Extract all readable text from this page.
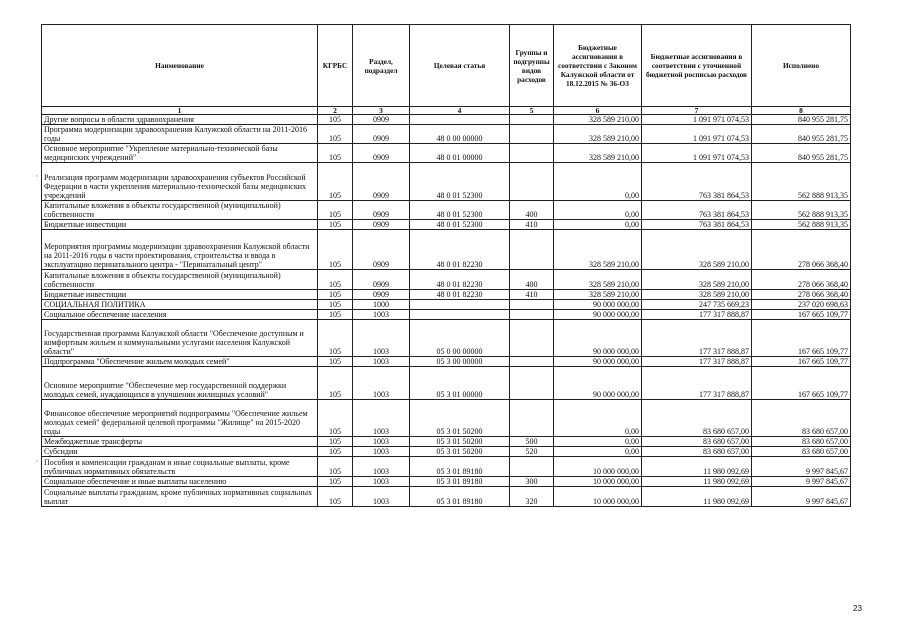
Наименование	КГРБС	Раздел, подраздел	Целевая статья	Группы и подгруппы видов расходов	Бюджетные ассигнования в соответствии с Законом Калужской области от 18.12.2015 № 36-ОЗ	Бюджетные ассигнования в соответствии с уточненной бюджетной росписью расходов	Исполнено
1	2	3	4	5	6	7	8
Другие вопросы в области здравоохранения	105	0909			328 589 210,00	1 091 971 074,53	840 955 281,75
Программа модернизации здравоохранения Калужской области на 2011-2016 годы	105	0909	48 0 00 00000		328 589 210,00	1 091 971 074,53	840 955 281,75
Основное мероприятие "Укрепление материально-технической базы медицинских учреждений"	105	0909	48 0 01 00000		328 589 210,00	1 091 971 074,53	840 955 281,75
Реализация программ модернизации здравоохранения субъектов Российской Федерации в части укрепления материально-технической базы медицинских учреждений	105	0909	48 0 01 52300		0,00	763 381 864,53	562 888 913,35
Капитальные вложения в объекты государственной (муниципальной) собственности	105	0909	48 0 01 52300	400	0,00	763 381 864,53	562 888 913,35
Бюджетные инвестиции	105	0909	48 0 01 52300	410	0,00	763 381 864,53	562 888 913,35
Мероприятия программы модернизации здравоохранения Калужской области на 2011-2016 годы в части проектирования, строительства и ввода в эксплуатацию перинатального центра - "Перинатальный центр"	105	0909	48 0 01 82230		328 589 210,00	328 589 210,00	278 066 368,40
Капитальные вложения в объекты государственной (муниципальной) собственности	105	0909	48 0 01 82230	400	328 589 210,00	328 589 210,00	278 066 368,40
Бюджетные инвестиции	105	0909	48 0 01 82230	410	328 589 210,00	328 589 210,00	278 066 368,40
СОЦИАЛЬНАЯ ПОЛИТИКА	105	1000			90 000 000,00	247 735 669,23	237 020 698,63
Социальное обеспечение населения	105	1003			90 000 000,00	177 317 888,87	167 665 109,77
Государственная программа Калужской области "Обеспечение доступным и комфортным жильем и коммунальными услугами населения Калужской области"	105	1003	05 0 00 00000		90 000 000,00	177 317 888,87	167 665 109,77
Подпрограмма "Обеспечение жильем молодых семей"	105	1003	05 3 00 00000		90 000 000,00	177 317 888,87	167 665 109,77
Основное мероприятие "Обеспечение мер государственной поддержки молодых семей, нуждающихся в улучшении жилищных условий"	105	1003	05 3 01 00000		90 000 000,00	177 317 888,87	167 665 109,77
Финансовое обеспечение мероприятий подпрограммы "Обеспечение жильем молодых семей" федеральной целевой программы "Жилище" на 2015-2020 годы	105	1003	05 3 01 50200		0,00	83 680 657,00	83 680 657,00
Межбюджетные трансферты	105	1003	05 3 01 50200	500	0,00	83 680 657,00	83 680 657,00
Субсидии	105	1003	05 3 01 50200	520	0,00	83 680 657,00	83 680 657,00
Пособия и компенсации гражданам и иные социальные выплаты, кроме публичных нормативных обязательств	105	1003	05 3 01 89180		10 000 000,00	11 980 092,69	9 997 845,67
Социальное обеспечение и иные выплаты населению	105	1003	05 3 01 89180	300	10 000 000,00	11 980 092,69	9 997 845,67
Социальные выплаты гражданам, кроме публичных нормативных социальных выплат	105	1003	05 3 01 89180	320	10 000 000,00	11 980 092,69	9 997 845,67
‹
‹
23
